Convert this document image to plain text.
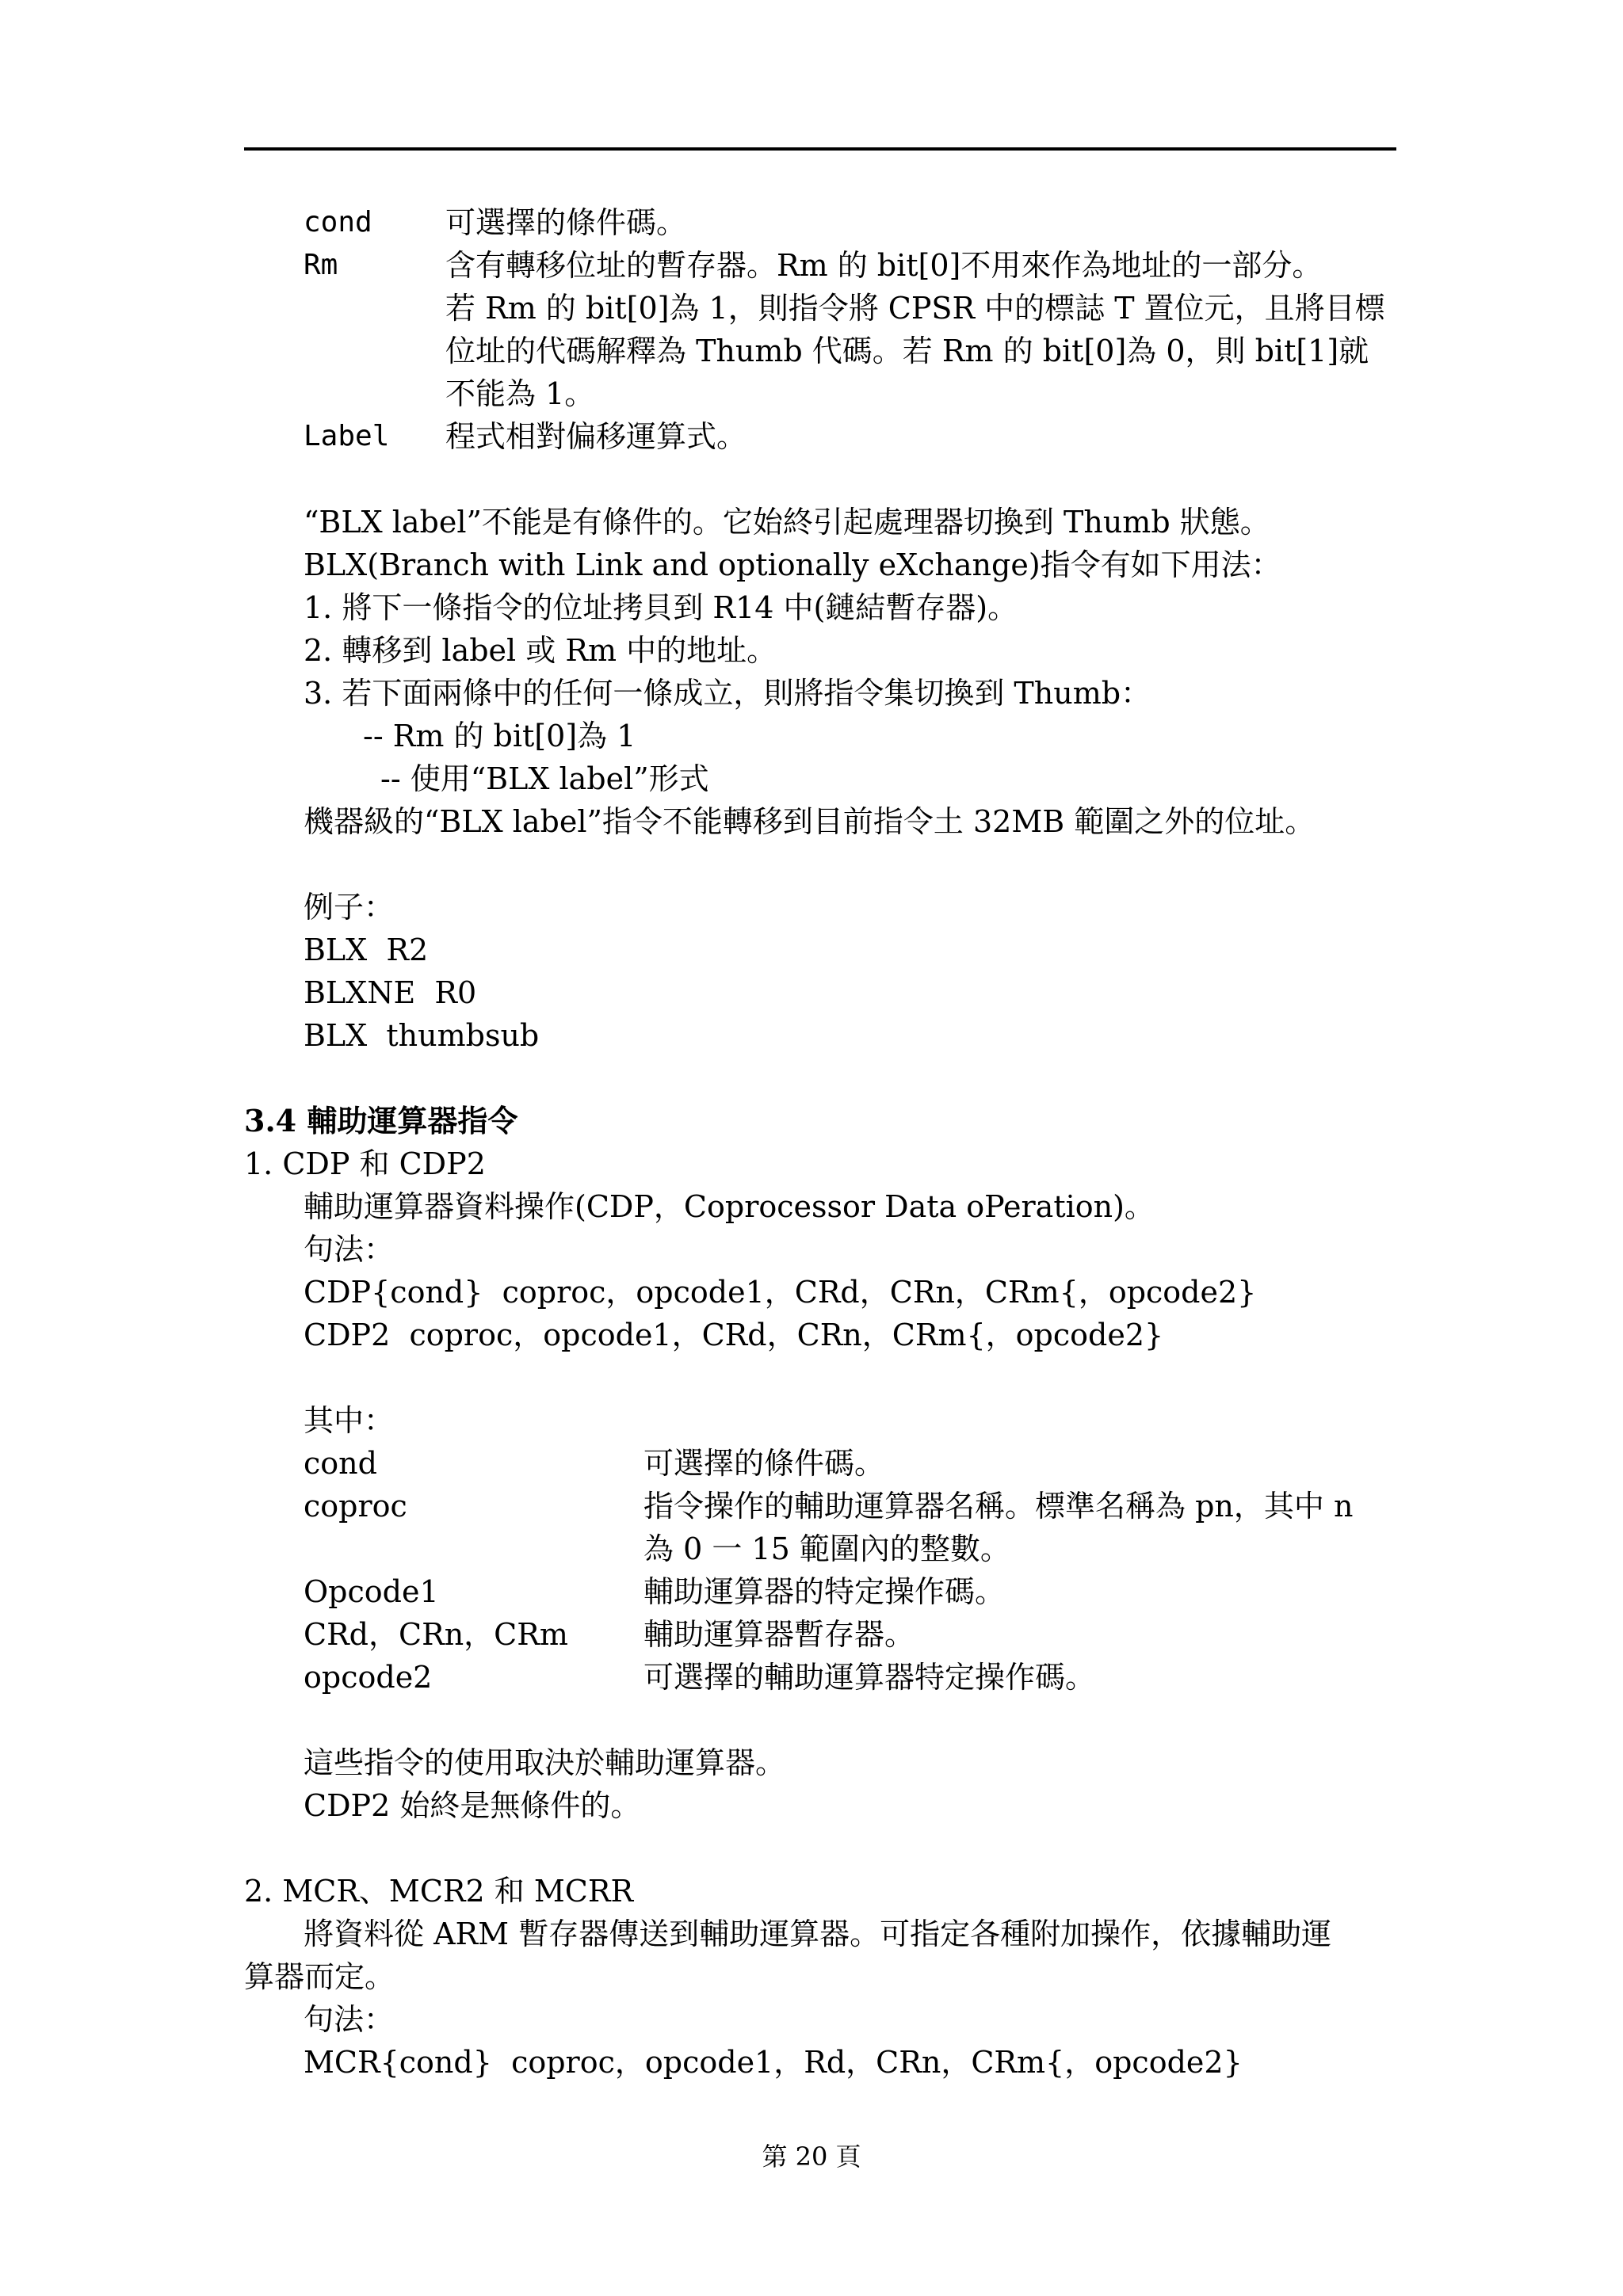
cond 可選擇的條件碼。
Rm	含有轉移位址的暫存器。Rm 的 bit[0]不用來作為地址的一部分。
若 Rm 的 bit[0]為 1，則指令將 CPSR 中的標誌 T 置位元，且將目標
位址的代碼解釋為 Thumb 代碼。若 Rm 的 bit[0]為 0，則 bit[1]就
不能為 1。
Label 程式相對偏移運算式。
“BLX label”不能是有條件的。它始終引起處理器切換到 Thumb 狀態。
BLX(Branch with Link and optionally eXchange)指令有如下用法：
1. 將下一條指令的位址拷貝到 R14 中(鏈結暫存器)。
2. 轉移到 label 或 Rm 中的地址。
3. 若下面兩條中的任何一條成立，則將指令集切換到 Thumb：
-- Rm 的 bit[0]為 1
-- 使用“BLX label”形式
機器級的“BLX label”指令不能轉移到目前指令土 32MB 範圍之外的位址。
例子：
BLX  R2
BLXNE  R0
BLX  thumbsub
3.4 輔助運算器指令
1. CDP 和 CDP2
輔助運算器資料操作(CDP，Coprocessor Data oPeration)。
句法：
CDP{cond}  coproc，opcode1，CRd，CRn，CRm{，opcode2}
CDP2  coproc，opcode1，CRd，CRn，CRm{，opcode2}
其中：
cond	可選擇的條件碼。
coproc	指令操作的輔助運算器名稱。標準名稱為 pn，其中 n
為 0 一 15 範圍內的整數。
Opcode1	輔助運算器的特定操作碼。
CRd，CRn，CRm	輔助運算器暫存器。
opcode2	可選擇的輔助運算器特定操作碼。
這些指令的使用取決於輔助運算器。
CDP2 始終是無條件的。
2. MCR、MCR2 和 MCRR
將資料從 ARM 暫存器傳送到輔助運算器。可指定各種附加操作，依據輔助運
算器而定。
句法：
MCR{cond}  coproc，opcode1，Rd，CRn，CRm{，opcode2}
第 20 頁
